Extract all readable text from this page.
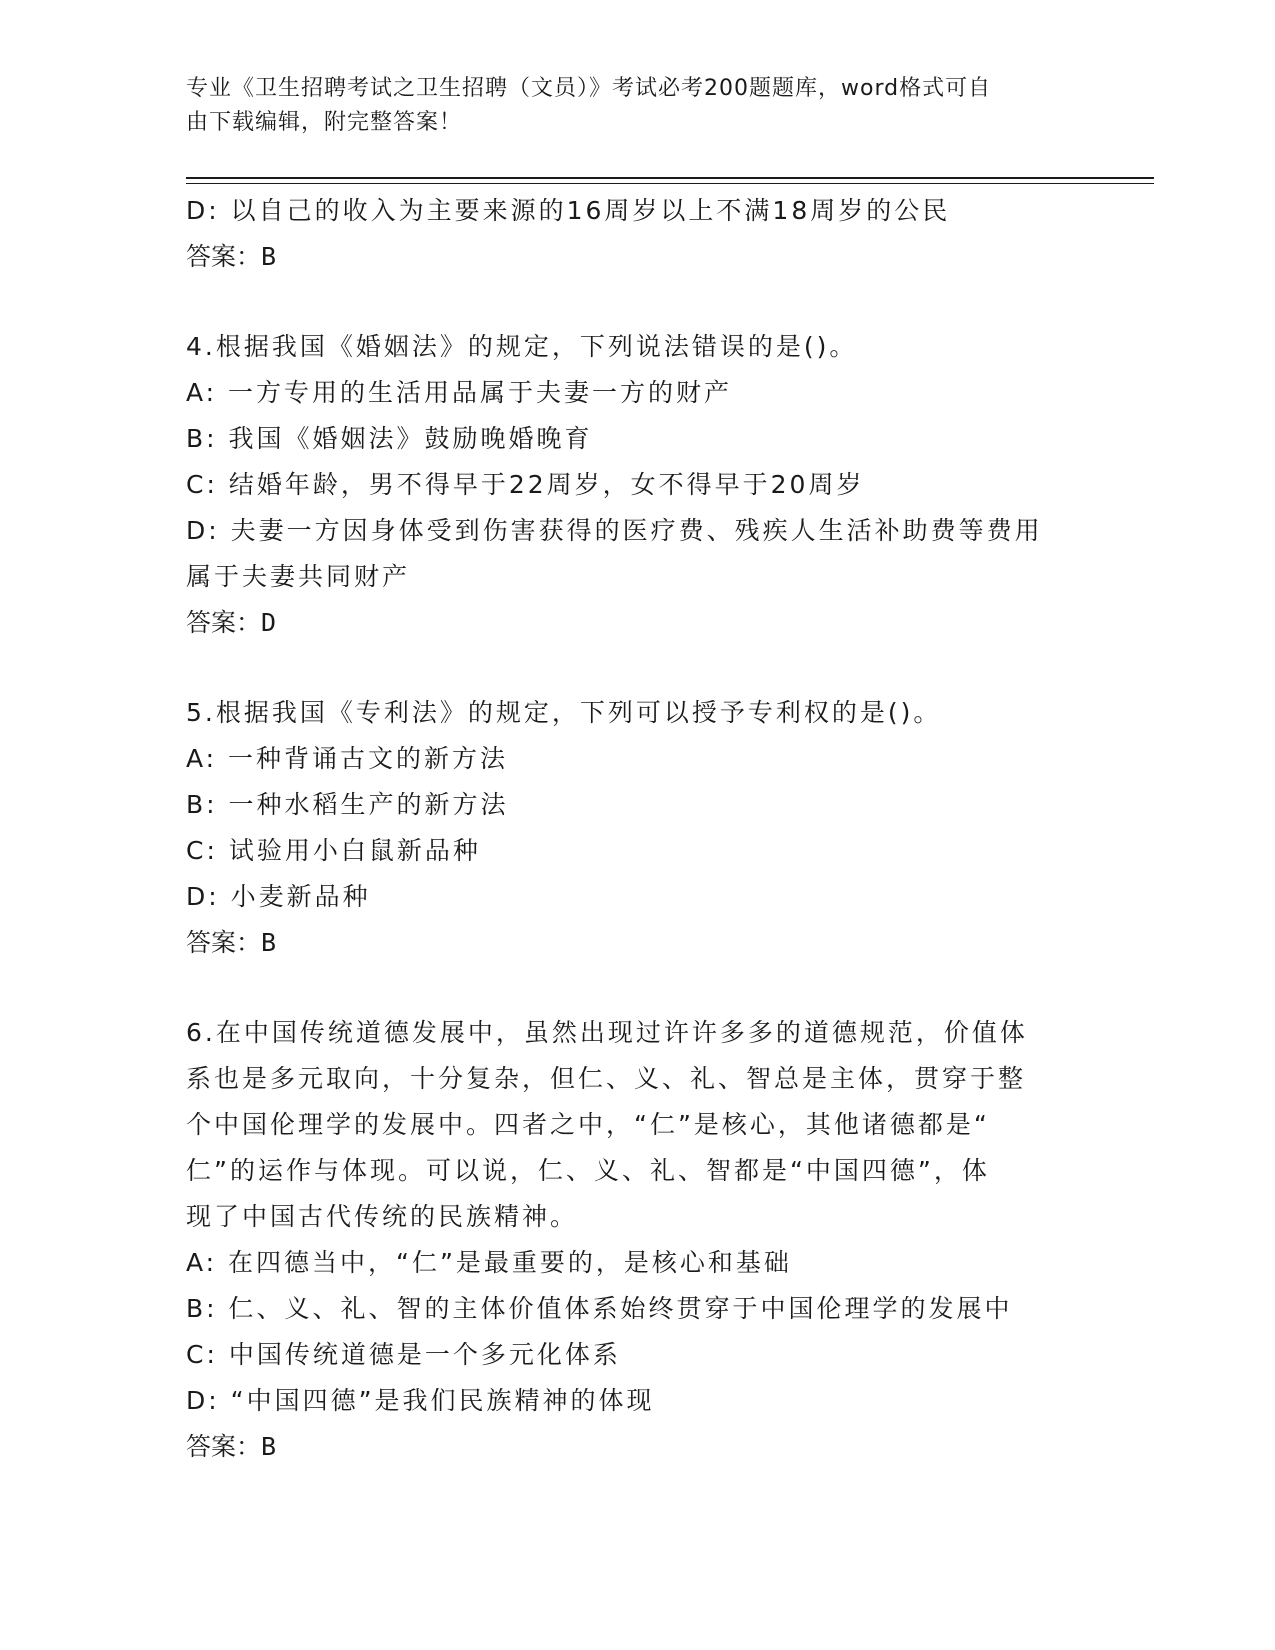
专业《卫生招聘考试之卫生招聘（文员）》考试必考200题题库，word格式可自
由下载编辑，附完整答案！
D: 以自己的收入为主要来源的16周岁以上不满18周岁的公民
答案：B
4.根据我国《婚姻法》的规定，下列说法错误的是()。
A: 一方专用的生活用品属于夫妻一方的财产
B: 我国《婚姻法》鼓励晚婚晚育
C: 结婚年龄，男不得早于22周岁，女不得早于20周岁
D: 夫妻一方因身体受到伤害获得的医疗费、残疾人生活补助费等费用
属于夫妻共同财产
答案：D
5.根据我国《专利法》的规定，下列可以授予专利权的是()。
A: 一种背诵古文的新方法
B: 一种水稻生产的新方法
C: 试验用小白鼠新品种
D: 小麦新品种
答案：B
6.在中国传统道德发展中，虽然出现过许许多多的道德规范，价值体
系也是多元取向，十分复杂，但仁、义、礼、智总是主体，贯穿于整
个中国伦理学的发展中。四者之中，“仁”是核心，其他诸德都是“
仁”的运作与体现。可以说，仁、义、礼、智都是“中国四德”，体
现了中国古代传统的民族精神。
A: 在四德当中，“仁”是最重要的，是核心和基础
B: 仁、义、礼、智的主体价值体系始终贯穿于中国伦理学的发展中
C: 中国传统道德是一个多元化体系
D: “中国四德”是我们民族精神的体现
答案：B
